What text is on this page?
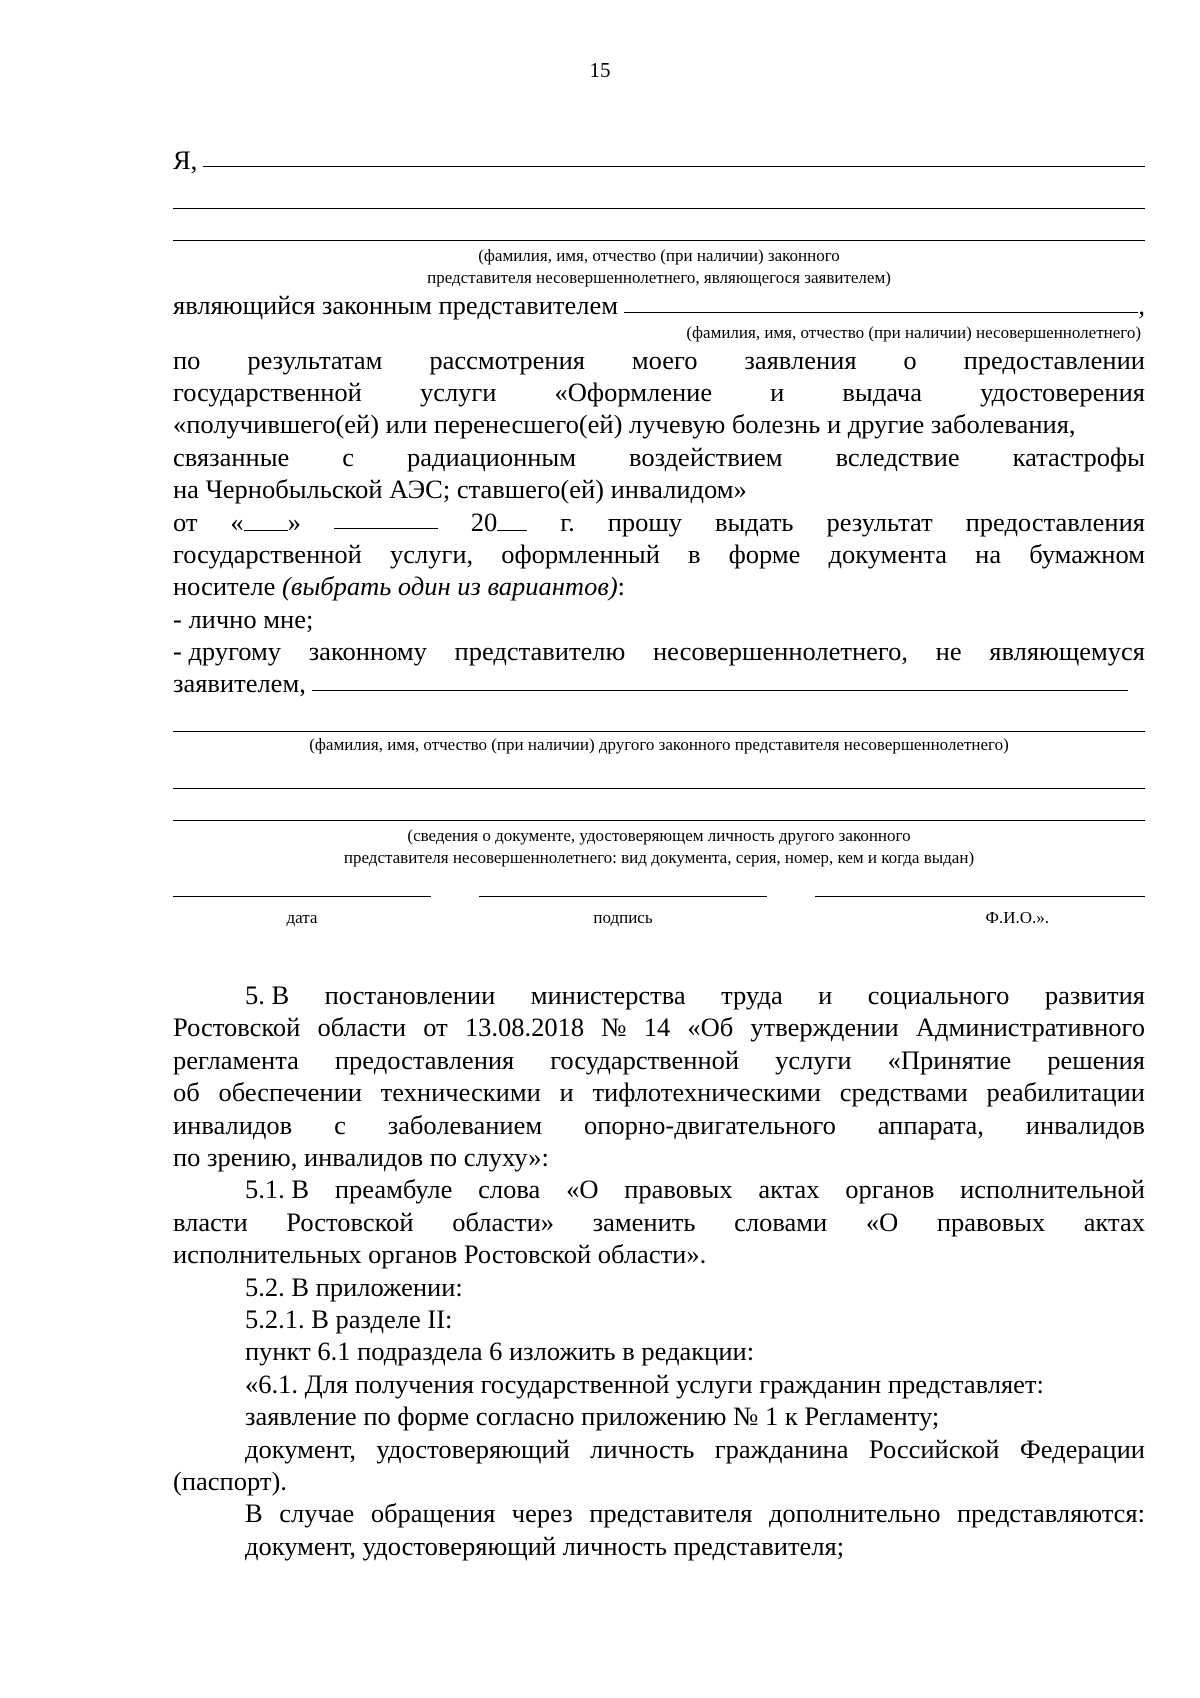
15
Я,
(фамилия, имя, отчество (при наличии) законного
представителя несовершеннолетнего, являющегося заявителем)
являющийся законным представителем	,
(фамилия, имя, отчество (при наличии) несовершеннолетнего)
по результатам рассмотрения моего заявления о предоставлении
государственной услуги «Оформление и выдача удостоверения
«получившего(ей) или перенесшего(ей) лучевую болезнь и другие заболевания,
связанные с радиационным воздействием вследствие катастрофы
на Чернобыльской АЭС; ставшего(ей) инвалидом»
от « »	20	г. прошу выдать результат предоставления
государственной услуги, оформленный в форме документа на бумажном
носителе (выбрать один из вариантов):
- лично мне;
- другому законному представителю несовершеннолетнего, не являющемуся
заявителем,
(фамилия, имя, отчество (при наличии) другого законного представителя несовершеннолетнего)
(сведения о документе, удостоверяющем личность другого законного
представителя несовершеннолетнего: вид документа, серия, номер, кем и когда выдан)
дата	подпись	Ф.И.О.».
5. В постановлении министерства труда и социального развития
Ростовской области от 13.08.2018 № 14 «Об утверждении Административного
регламента предоставления государственной услуги «Принятие решения
об обеспечении техническими и тифлотехническими средствами реабилитации
инвалидов с заболеванием опорно-двигательного аппарата, инвалидов
по зрению, инвалидов по слуху»:
5.1. В преамбуле слова «О правовых актах органов исполнительной
власти Ростовской области» заменить словами «О правовых актах
исполнительных органов Ростовской области».
5.2. В приложении:
5.2.1. В разделе II:
пункт 6.1 подраздела 6 изложить в редакции:
«6.1. Для получения государственной услуги гражданин представляет:
заявление по форме согласно приложению № 1 к Регламенту;
документ, удостоверяющий личность гражданина Российской Федерации
(паспорт).
В случае обращения через представителя дополнительно представляются:
документ, удостоверяющий личность представителя;
